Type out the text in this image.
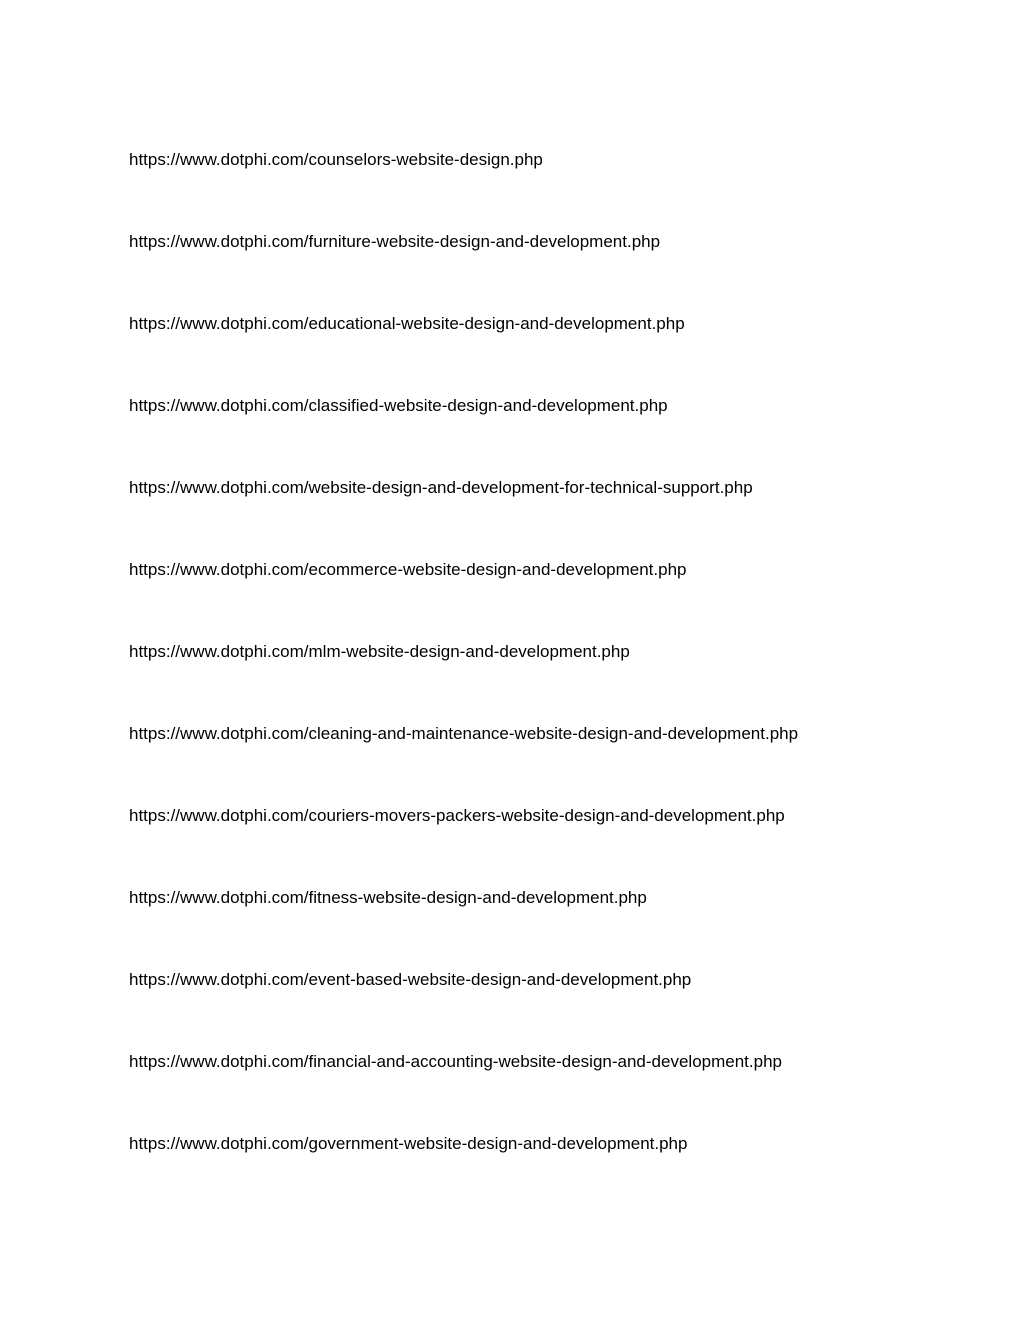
https://www.dotphi.com/counselors-website-design.php
https://www.dotphi.com/furniture-website-design-and-development.php
https://www.dotphi.com/educational-website-design-and-development.php
https://www.dotphi.com/classified-website-design-and-development.php
https://www.dotphi.com/website-design-and-development-for-technical-support.php
https://www.dotphi.com/ecommerce-website-design-and-development.php
https://www.dotphi.com/mlm-website-design-and-development.php
https://www.dotphi.com/cleaning-and-maintenance-website-design-and-development.php
https://www.dotphi.com/couriers-movers-packers-website-design-and-development.php
https://www.dotphi.com/fitness-website-design-and-development.php
https://www.dotphi.com/event-based-website-design-and-development.php
https://www.dotphi.com/financial-and-accounting-website-design-and-development.php
https://www.dotphi.com/government-website-design-and-development.php
